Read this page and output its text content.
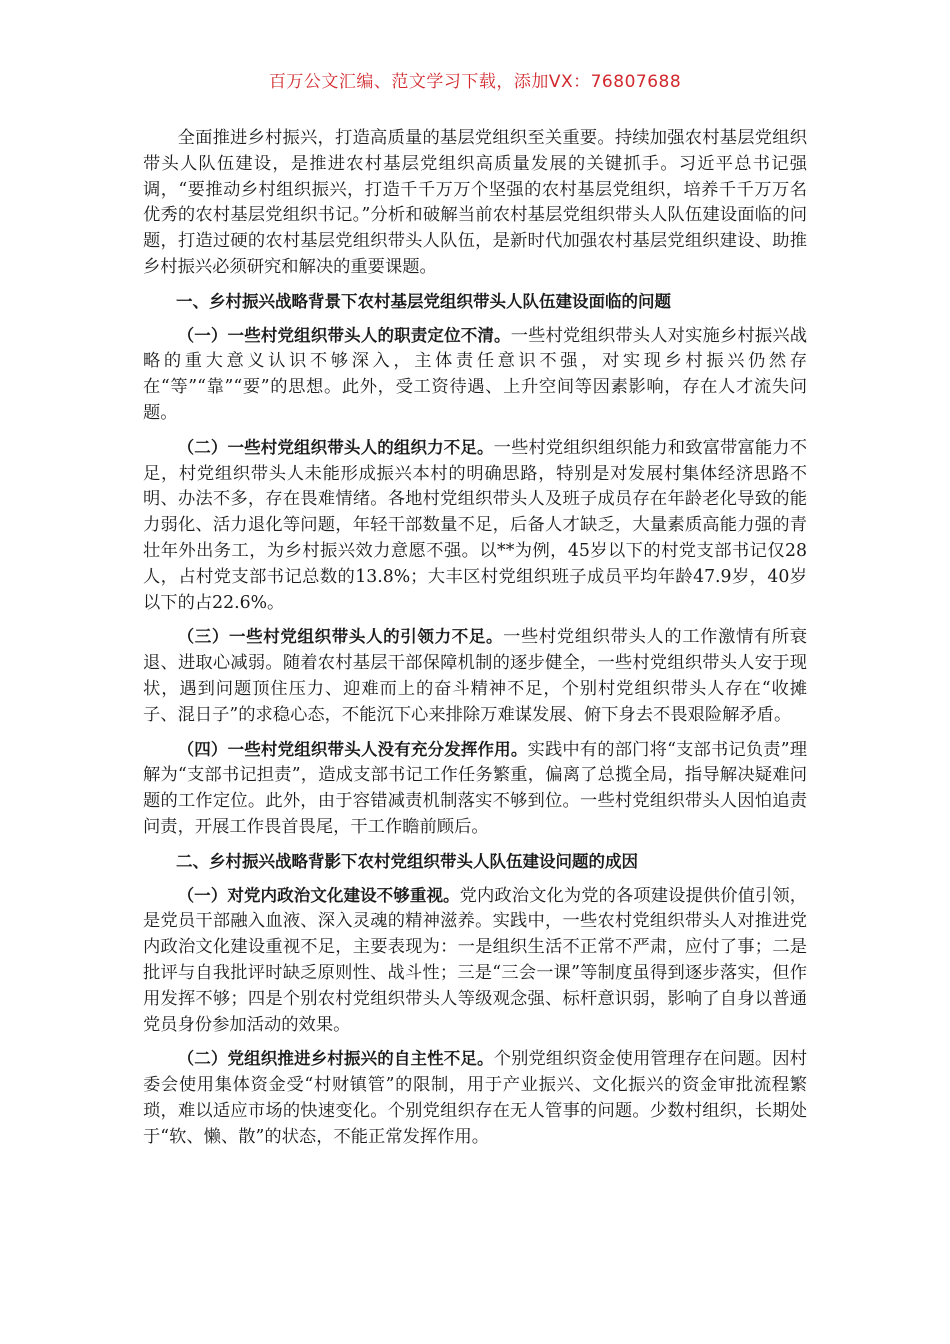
百万公文汇编、范文学习下载，添加VX：76807688

全面推进乡村振兴，打造高质量的基层党组织至关重要。持续加强农村基层党组织带头人队伍建设，是推进农村基层党组织高质量发展的关键抓手。习近平总书记强调，“要推动乡村组织振兴，打造千千万万个坚强的农村基层党组织，培养千千万万名优秀的农村基层党组织书记。”分析和破解当前农村基层党组织带头人队伍建设面临的问题，打造过硬的农村基层党组织带头人队伍，是新时代加强农村基层党组织建设、助推乡村振兴必须研究和解决的重要课题。

一、乡村振兴战略背景下农村基层党组织带头人队伍建设面临的问题

（一）一些村党组织带头人的职责定位不清。一些村党组织带头人对实施乡村振兴战略的重大意义认识不够深入，主体责任意识不强，对实现乡村振兴仍然存在“等”“靠”“要”的思想。此外，受工资待遇、上升空间等因素影响，存在人才流失问题。

（二）一些村党组织带头人的组织力不足。一些村党组织组织能力和致富带富能力不足，村党组织带头人未能形成振兴本村的明确思路，特别是对发展村集体经济思路不明、办法不多，存在畏难情绪。各地村党组织带头人及班子成员存在年龄老化导致的能力弱化、活力退化等问题，年轻干部数量不足，后备人才缺乏，大量素质高能力强的青壮年外出务工，为乡村振兴效力意愿不强。以**为例，45岁以下的村党支部书记仅28人，占村党支部书记总数的13.8%；大丰区村党组织班子成员平均年龄47.9岁，40岁以下的占22.6%。

（三）一些村党组织带头人的引领力不足。一些村党组织带头人的工作激情有所衰退、进取心减弱。随着农村基层干部保障机制的逐步健全，一些村党组织带头人安于现状，遇到问题顶住压力、迎难而上的奋斗精神不足，个别村党组织带头人存在“收摊子、混日子”的求稳心态，不能沉下心来排除万难谋发展、俯下身去不畏艰险解矛盾。

（四）一些村党组织带头人没有充分发挥作用。实践中有的部门将“支部书记负责”理解为“支部书记担责”，造成支部书记工作任务繁重，偏离了总揽全局，指导解决疑难问题的工作定位。此外，由于容错减责机制落实不够到位。一些村党组织带头人因怕追责问责，开展工作畏首畏尾，干工作瞻前顾后。

二、乡村振兴战略背影下农村党组织带头人队伍建设问题的成因

（一）对党内政治文化建设不够重视。党内政治文化为党的各项建设提供价值引领，是党员干部融入血液、深入灵魂的精神滋养。实践中，一些农村党组织带头人对推进党内政治文化建设重视不足，主要表现为：一是组织生活不正常不严肃，应付了事；二是批评与自我批评时缺乏原则性、战斗性；三是“三会一课”等制度虽得到逐步落实，但作用发挥不够；四是个别农村党组织带头人等级观念强、标杆意识弱，影响了自身以普通党员身份参加活动的效果。

（二）党组织推进乡村振兴的自主性不足。个别党组织资金使用管理存在问题。因村委会使用集体资金受“村财镇管”的限制，用于产业振兴、文化振兴的资金审批流程繁琐，难以适应市场的快速变化。个别党组织存在无人管事的问题。少数村组织，长期处于“软、懒、散”的状态，不能正常发挥作用。
